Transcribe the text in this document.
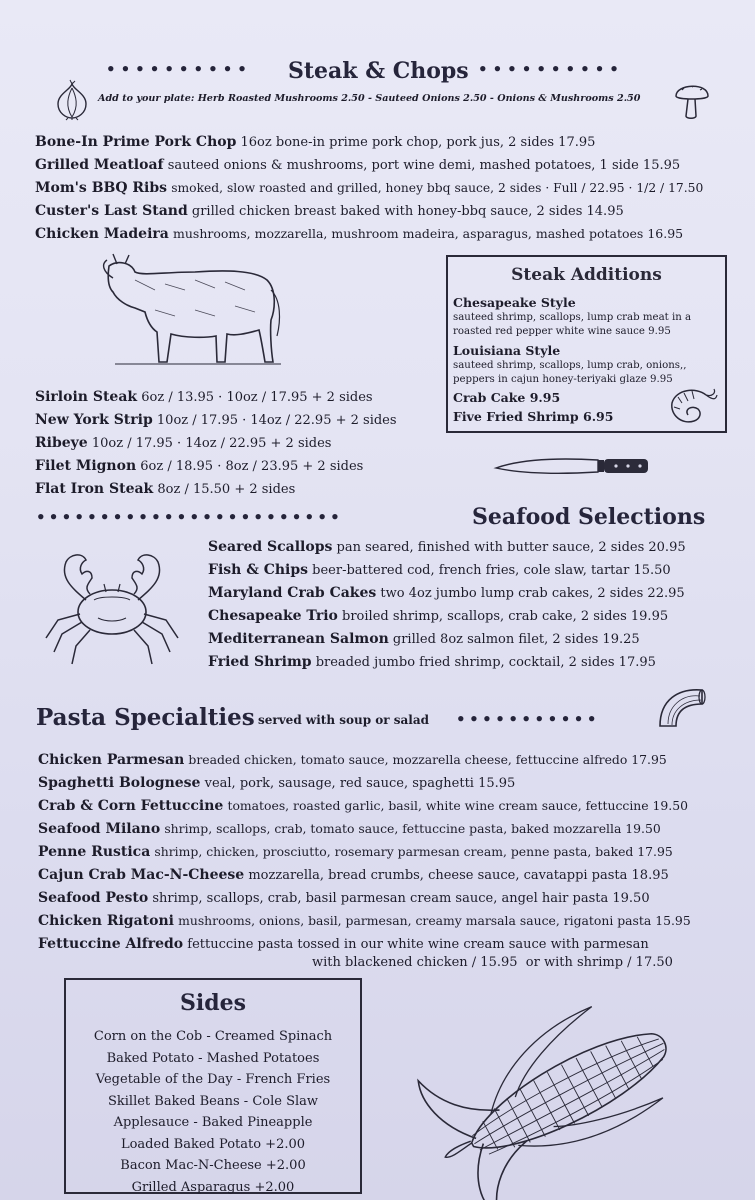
•••••••••• Steak & Chops ••••••••••
Add to your plate: Herb Roasted Mushrooms 2.50 - Sauteed Onions 2.50 - Onions & Mushrooms 2.50
Bone-In Prime Pork Chop 16oz bone-in prime pork chop, pork jus, 2 sides 17.95
Grilled Meatloaf sauteed onions & mushrooms, port wine demi, mashed potatoes, 1 side 15.95
Mom's BBQ Ribs smoked, slow roasted and grilled, honey bbq sauce, 2 sides · Full / 22.95 · 1/2 / 17.50
Custer's Last Stand grilled chicken breast baked with honey-bbq sauce, 2 sides 14.95
Chicken Madeira mushrooms, mozzarella, mushroom madeira, asparagus, mashed potatoes 16.95
Steak Additions
Chesapeake Style
sauteed shrimp, scallops, lump crab meat in a
roasted red pepper white wine sauce 9.95
Louisiana Style
sauteed shrimp, scallops, lump crab, onions,,
peppers in cajun honey-teriyaki glaze 9.95
Crab Cake 9.95
Five Fried Shrimp 6.95
Sirloin Steak 6oz / 13.95 · 10oz / 17.95 + 2 sides
New York Strip 10oz / 17.95 · 14oz / 22.95 + 2 sides
Ribeye 10oz / 17.95 · 14oz / 22.95 + 2 sides
Filet Mignon 6oz / 18.95 · 8oz / 23.95 + 2 sides
Flat Iron Steak 8oz / 15.50 + 2 sides
••••••••••••••••••••••••	Seafood Selections
Seared Scallops pan seared, finished with butter sauce, 2 sides 20.95
Fish & Chips beer-battered cod, french fries, cole slaw, tartar 15.50
Maryland Crab Cakes two 4oz jumbo lump crab cakes, 2 sides 22.95
Chesapeake Trio broiled shrimp, scallops, crab cake, 2 sides 19.95
Mediterranean Salmon grilled 8oz salmon filet, 2 sides 19.25
Fried Shrimp breaded jumbo fried shrimp, cocktail, 2 sides 17.95
Pasta Specialties served with soup or salad •••••••••••
Chicken Parmesan breaded chicken, tomato sauce, mozzarella cheese, fettuccine alfredo 17.95
Spaghetti Bolognese veal, pork, sausage, red sauce, spaghetti 15.95
Crab & Corn Fettuccine tomatoes, roasted garlic, basil, white wine cream sauce, fettuccine 19.50
Seafood Milano shrimp, scallops, crab, tomato sauce, fettuccine pasta, baked mozzarella 19.50
Penne Rustica shrimp, chicken, prosciutto, rosemary parmesan cream, penne pasta, baked 17.95
Cajun Crab Mac-N-Cheese mozzarella, bread crumbs, cheese sauce, cavatappi pasta 18.95
Seafood Pesto shrimp, scallops, crab, basil parmesan cream sauce, angel hair pasta 19.50
Chicken Rigatoni mushrooms, onions, basil, parmesan, creamy marsala sauce, rigatoni pasta 15.95
Fettuccine Alfredo fettuccine pasta tossed in our white wine cream sauce with parmesan
with blackened chicken / 15.95  or with shrimp / 17.50
Sides
Corn on the Cob - Creamed Spinach
Baked Potato - Mashed Potatoes
Vegetable of the Day - French Fries
Skillet Baked Beans - Cole Slaw
Applesauce - Baked Pineapple
Loaded Baked Potato +2.00
Bacon Mac-N-Cheese +2.00
Grilled Asparagus +2.00
